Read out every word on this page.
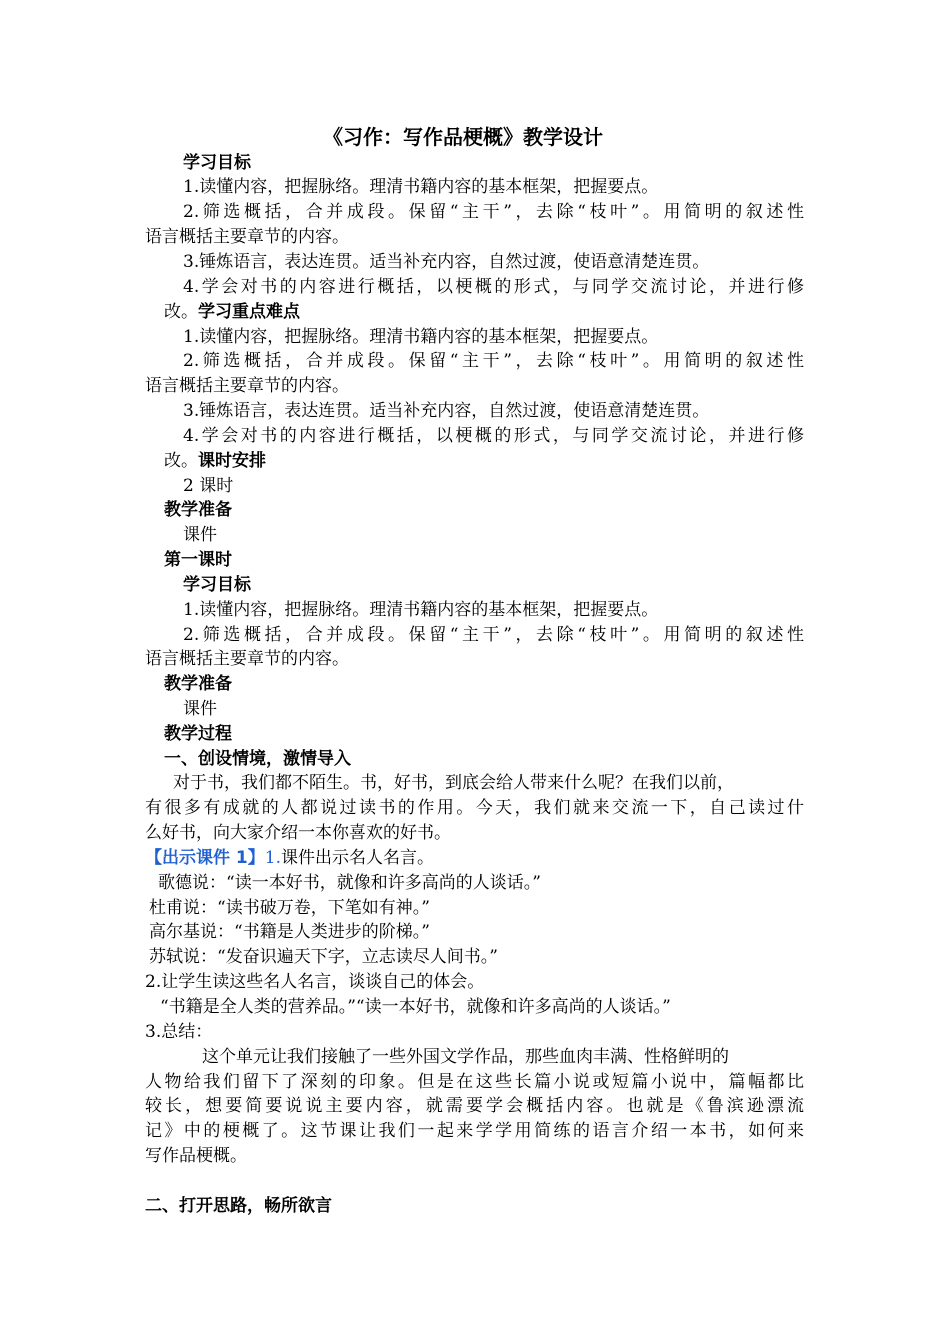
《习作：写作品梗概》教学设计
学习目标
1.读懂内容，把握脉络。理清书籍内容的基本框架，把握要点。
2.筛选概括，合并成段。保留“主干”，去除“枝叶”。用简明的叙述性
语言概括主要章节的内容。
3.锤炼语言，表达连贯。适当补充内容，自然过渡，使语意清楚连贯。
4.学会对书的内容进行概括，以梗概的形式，与同学交流讨论，并进行修
改。学习重点难点
1.读懂内容，把握脉络。理清书籍内容的基本框架，把握要点。
2.筛选概括，合并成段。保留“主干”，去除“枝叶”。用简明的叙述性
语言概括主要章节的内容。
3.锤炼语言，表达连贯。适当补充内容，自然过渡，使语意清楚连贯。
4.学会对书的内容进行概括，以梗概的形式，与同学交流讨论，并进行修
改。课时安排
2 课时
教学准备
课件
第一课时
学习目标
1.读懂内容，把握脉络。理清书籍内容的基本框架，把握要点。
2.筛选概括，合并成段。保留“主干”，去除“枝叶”。用简明的叙述性
语言概括主要章节的内容。
教学准备
课件
教学过程
一、创设情境，激情导入
对于书，我们都不陌生。书，好书，到底会给人带来什么呢？在我们以前，
有很多有成就的人都说过读书的作用。今天，我们就来交流一下，自己读过什
么好书，向大家介绍一本你喜欢的好书。
【出示课件 1】1.课件出示名人名言。
歌德说：“读一本好书，就像和许多高尚的人谈话。”
杜甫说：“读书破万卷，下笔如有神。”
高尔基说：“书籍是人类进步的阶梯。”
苏轼说：“发奋识遍天下字，立志读尽人间书。”
2.让学生读这些名人名言，谈谈自己的体会。
“书籍是全人类的营养品。”“读一本好书，就像和许多高尚的人谈话。”
3.总结：
这个单元让我们接触了一些外国文学作品，那些血肉丰满、性格鲜明的
人物给我们留下了深刻的印象。但是在这些长篇小说或短篇小说中，篇幅都比
较长，想要简要说说主要内容，就需要学会概括内容。也就是《鲁滨逊漂流
记》中的梗概了。这节课让我们一起来学学用简练的语言介绍一本书，如何来
写作品梗概。
二、打开思路，畅所欲言
